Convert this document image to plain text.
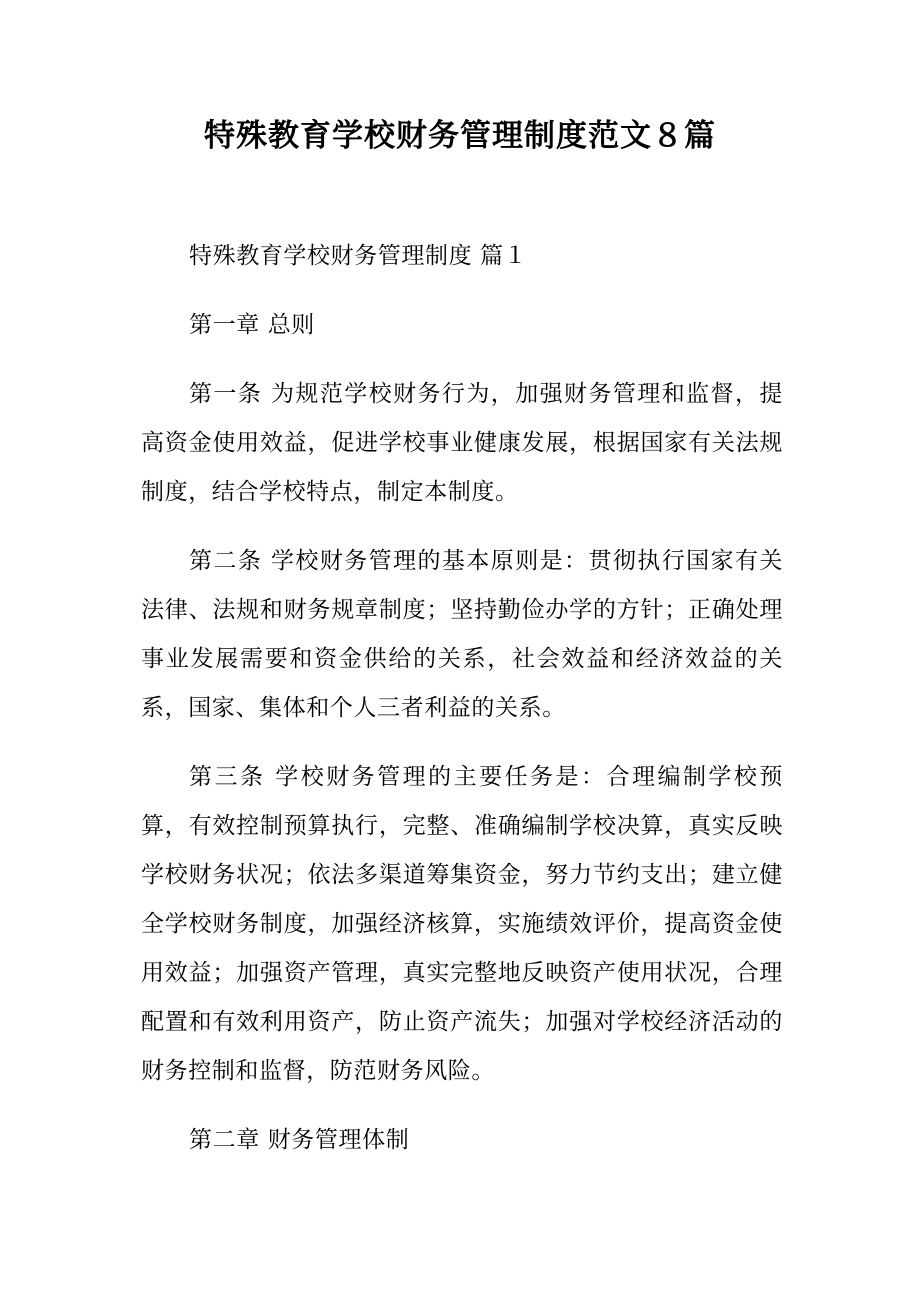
特殊教育学校财务管理制度范文８篇

特殊教育学校财务管理制度 篇１

第一章 总则

第一条 为规范学校财务行为，加强财务管理和监督，提高资金使用效益，促进学校事业健康发展，根据国家有关法规制度，结合学校特点，制定本制度。

第二条 学校财务管理的基本原则是：贯彻执行国家有关法律、法规和财务规章制度；坚持勤俭办学的方针；正确处理事业发展需要和资金供给的关系，社会效益和经济效益的关系，国家、集体和个人三者利益的关系。

第三条 学校财务管理的主要任务是：合理编制学校预算，有效控制预算执行，完整、准确编制学校决算，真实反映学校财务状况；依法多渠道筹集资金，努力节约支出；建立健全学校财务制度，加强经济核算，实施绩效评价，提高资金使用效益；加强资产管理，真实完整地反映资产使用状况，合理配置和有效利用资产，防止资产流失；加强对学校经济活动的财务控制和监督，防范财务风险。

第二章 财务管理体制
